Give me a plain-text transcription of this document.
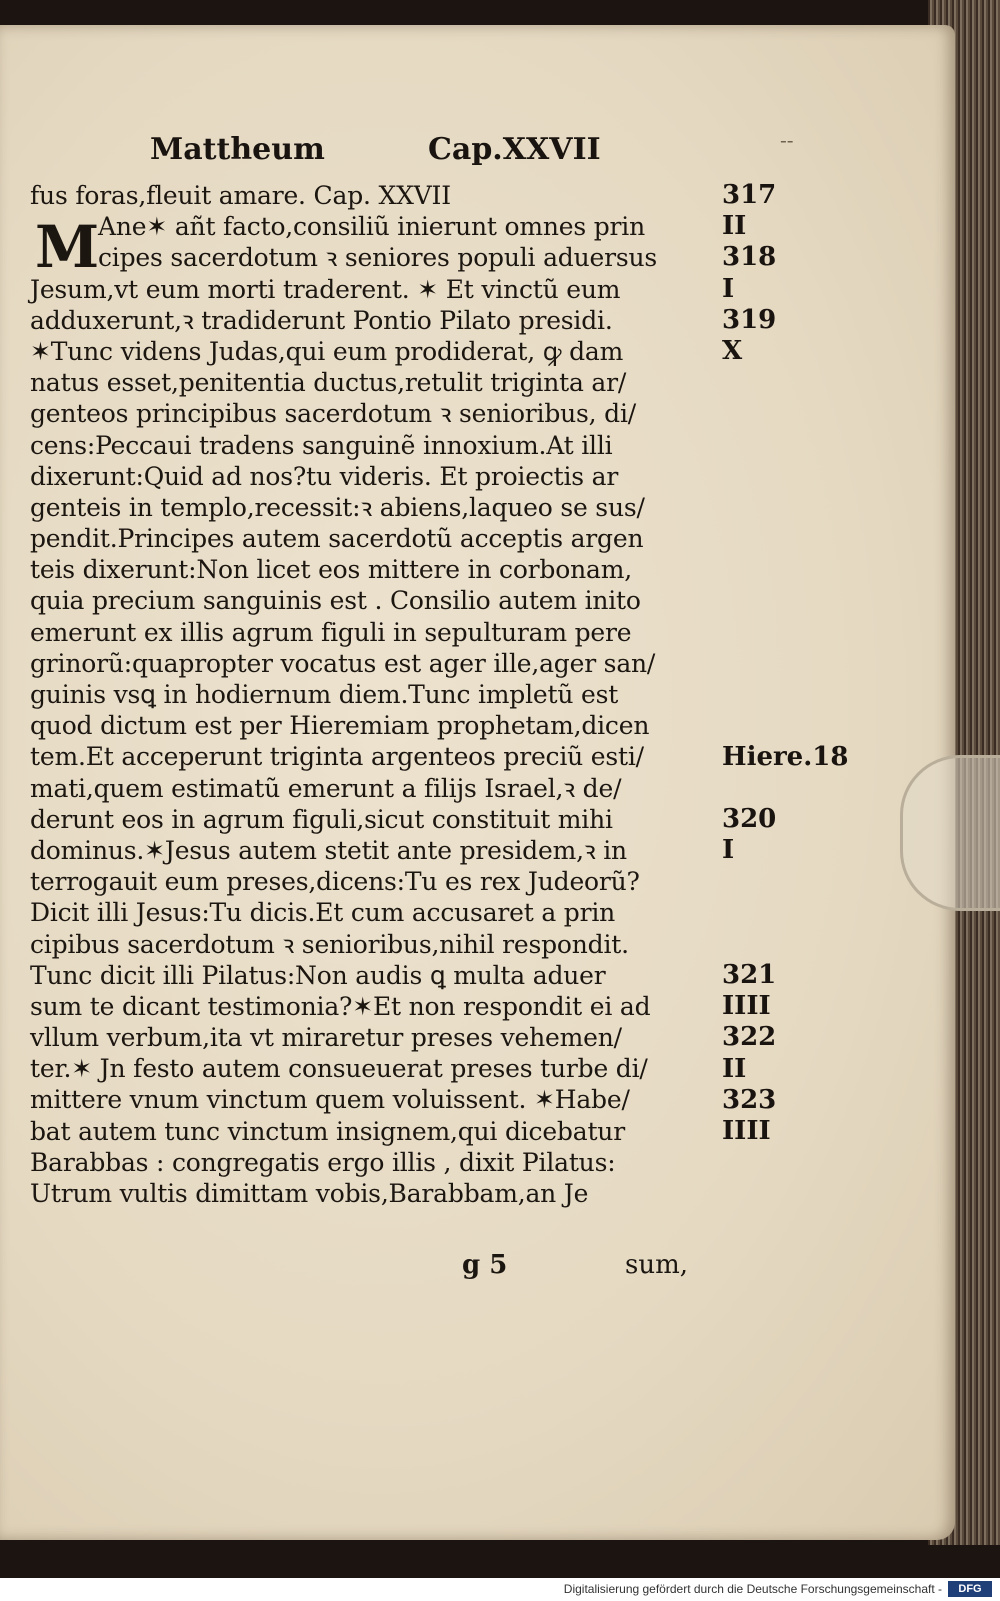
Mattheum	Cap.XXVII	--
M
fus foras,fleuit amare. Cap. XXVII
Ane✶ añt facto,consiliũ inierunt omnes prin
cipes sacerdotum ꝛ seniores populi aduersus
Jesum,vt eum morti traderent. ✶ Et vinctũ eum
adduxerunt,ꝛ tradiderunt Pontio Pilato presidi.
✶Tunc videns Judas,qui eum prodiderat, ꝙ dam
natus esset,penitentia ductus,retulit triginta ar/
genteos principibus sacerdotum ꝛ senioribus, di/
cens:Peccaui tradens sanguinẽ innoxium.At illi
dixerunt:Quid ad nos?tu videris. Et proiectis ar
genteis in templo,recessit:ꝛ abiens,laqueo se sus/
pendit.Principes autem sacerdotũ acceptis argen
teis dixerunt:Non licet eos mittere in corbonam,
quia precium sanguinis est . Consilio autem inito
emerunt ex illis agrum figuli in sepulturam pere
grinorũ:quapropter vocatus est ager ille,ager san/
guinis vsꝗ in hodiernum diem.Tunc impletũ est
quod dictum est per Hieremiam prophetam,dicen
tem.Et acceperunt triginta argenteos preciũ esti/
mati,quem estimatũ emerunt a filijs Israel,ꝛ de/
derunt eos in agrum figuli,sicut constituit mihi
dominus.✶Jesus autem stetit ante presidem,ꝛ in
terrogauit eum preses,dicens:Tu es rex Judeorũ?
Dicit illi Jesus:Tu dicis.Et cum accusaret a prin
cipibus sacerdotum ꝛ senioribus,nihil respondit.
Tunc dicit illi Pilatus:Non audis ꝗ multa aduer
sum te dicant testimonia?✶Et non respondit ei ad
vllum verbum,ita vt miraretur preses vehemen/
ter.✶ Jn festo autem consueuerat preses turbe di/
mittere vnum vinctum quem voluissent. ✶Habe/
bat autem tunc vinctum insignem,qui dicebatur
Barabbas : congregatis ergo illis , dixit Pilatus:
Utrum vultis dimittam vobis,Barabbam,an Je
317
II
318
I
319
X
Hiere.18
320
I
321
IIII
322
II
323
IIII
g 5	sum,
Digitalisierung gefördert durch die Deutsche Forschungsgemeinschaft -	DFG
